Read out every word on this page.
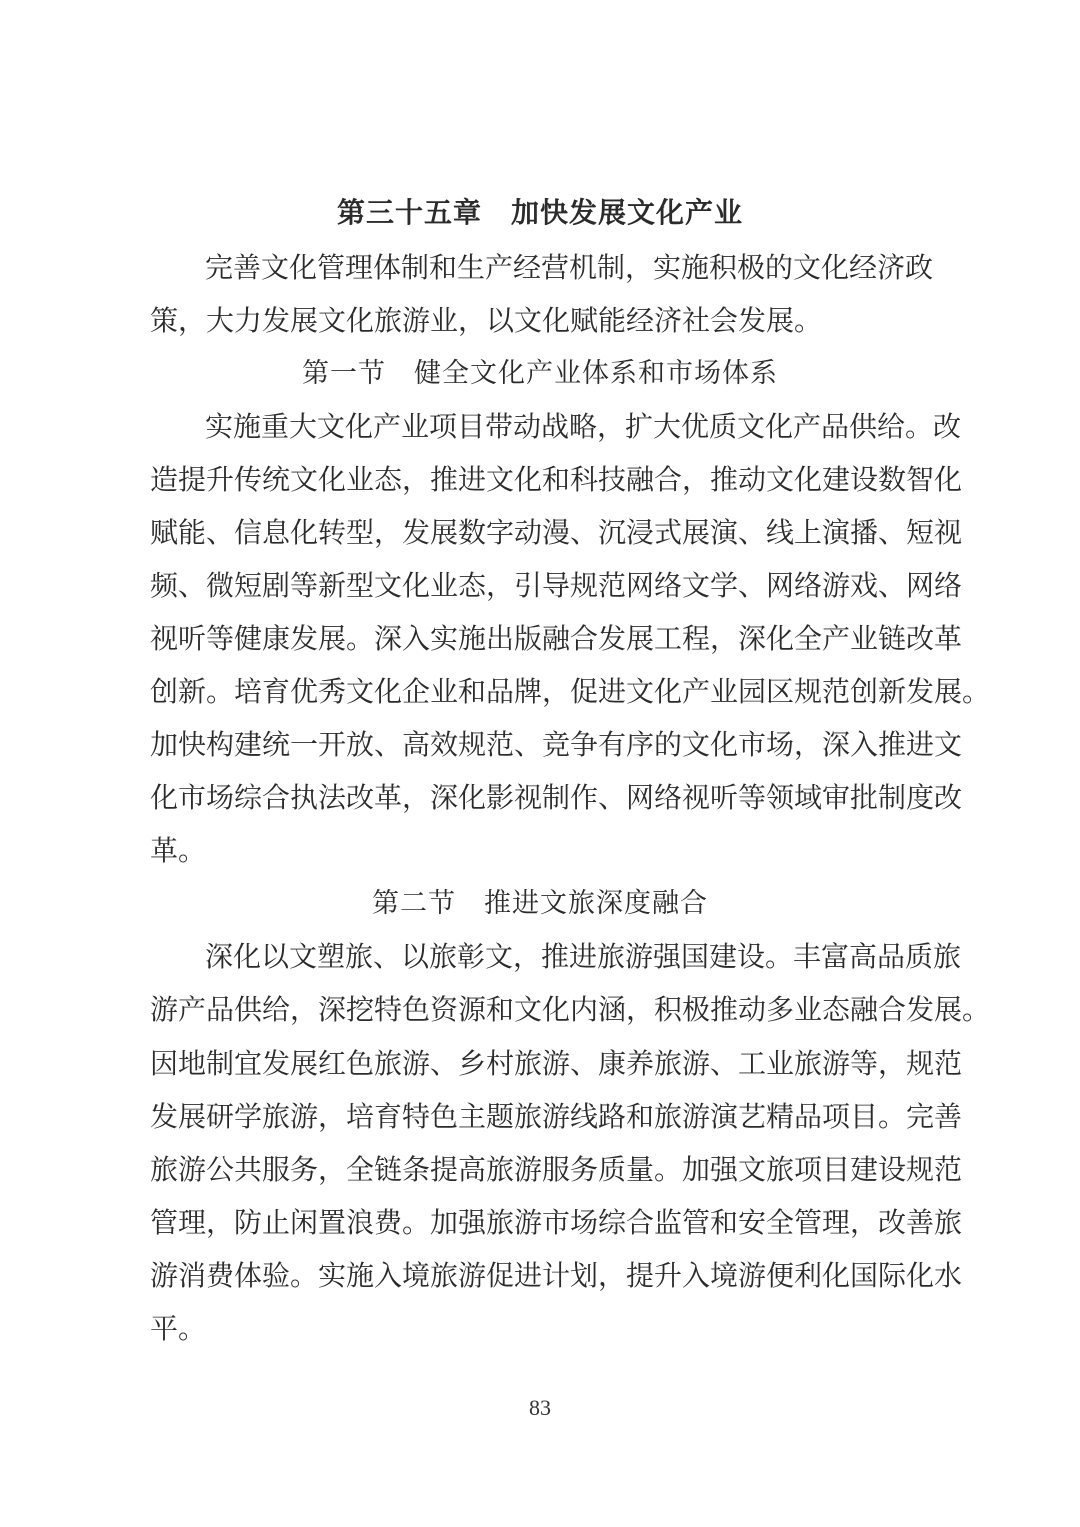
第三十五章　加快发展文化产业
完善文化管理体制和生产经营机制，实施积极的文化经济政
策，大力发展文化旅游业，以文化赋能经济社会发展。
第一节　健全文化产业体系和市场体系
实施重大文化产业项目带动战略，扩大优质文化产品供给。改
造提升传统文化业态，推进文化和科技融合，推动文化建设数智化
赋能、信息化转型，发展数字动漫、沉浸式展演、线上演播、短视
频、微短剧等新型文化业态，引导规范网络文学、网络游戏、网络
视听等健康发展。深入实施出版融合发展工程，深化全产业链改革
创新。培育优秀文化企业和品牌，促进文化产业园区规范创新发展。
加快构建统一开放、高效规范、竞争有序的文化市场，深入推进文
化市场综合执法改革，深化影视制作、网络视听等领域审批制度改
革。
第二节　推进文旅深度融合
深化以文塑旅、以旅彰文，推进旅游强国建设。丰富高品质旅
游产品供给，深挖特色资源和文化内涵，积极推动多业态融合发展。
因地制宜发展红色旅游、乡村旅游、康养旅游、工业旅游等，规范
发展研学旅游，培育特色主题旅游线路和旅游演艺精品项目。完善
旅游公共服务，全链条提高旅游服务质量。加强文旅项目建设规范
管理，防止闲置浪费。加强旅游市场综合监管和安全管理，改善旅
游消费体验。实施入境旅游促进计划，提升入境游便利化国际化水
平。
83
